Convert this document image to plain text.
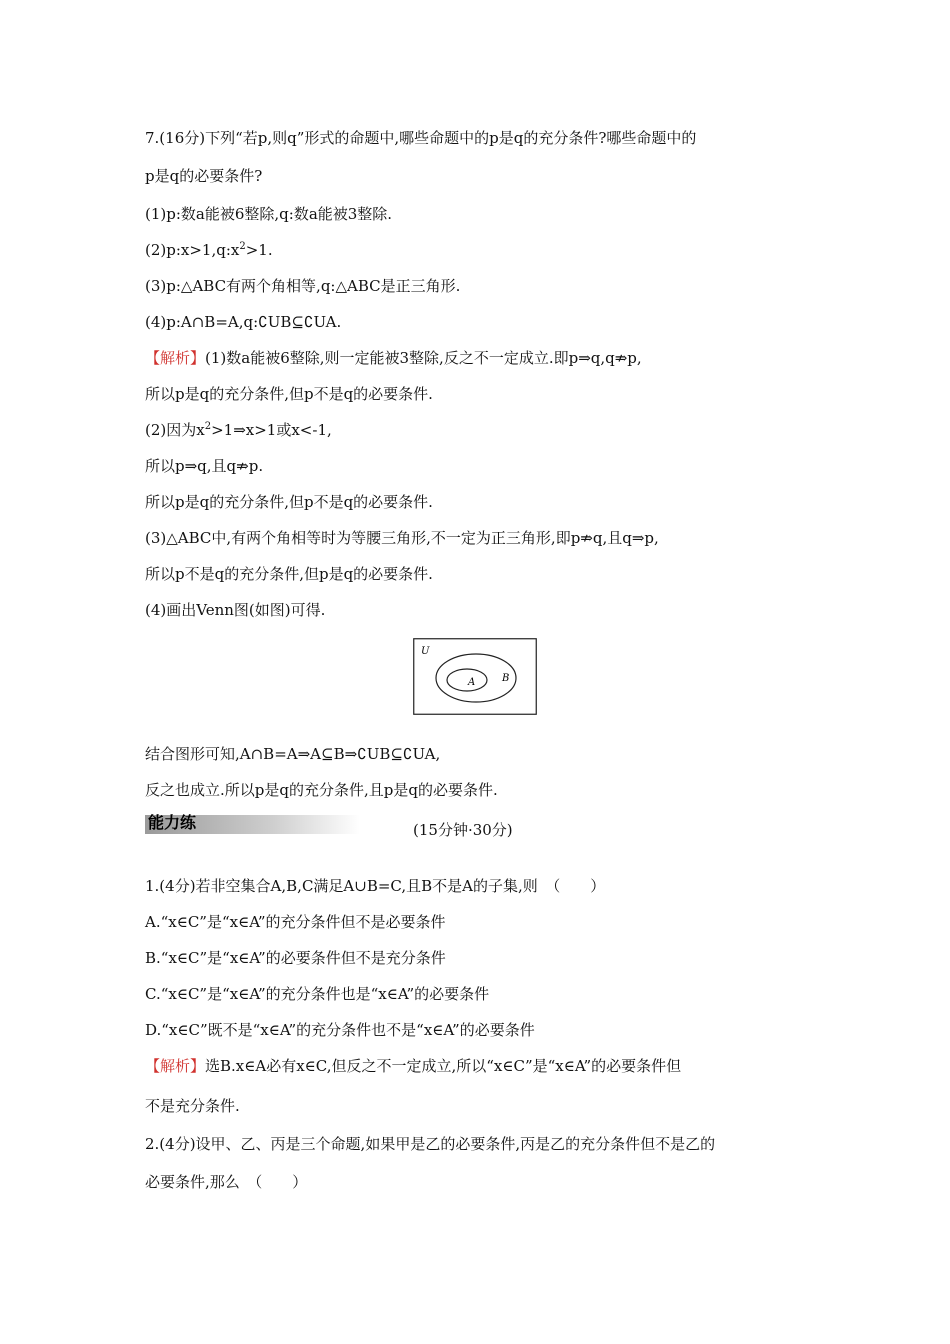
7.(16分)下列“若p,则q”形式的命题中,哪些命题中的p是q的充分条件?哪些命题中的
p是q的必要条件?
(1)p:数a能被6整除,q:数a能被3整除.
$(2)p:x>1,q:x^2>1$.
(3)p:△ABC有两个角相等,q:△ABC是正三角形.
(4)p:A∩B=A,q:∁UB⊆∁UA.
【解析】(1)数a能被6整除,则一定能被3整除,反之不一定成立.即p⇒q,q⇏p,
所以p是q的充分条件,但p不是q的必要条件.
(2)因为$x^2>1\Rightarrow x>1$或x<-1,
所以p⇒q,且q⇏p.
所以p是q的充分条件,但p不是q的必要条件.
(3)△ABC中,有两个角相等时为等腰三角形,不一定为正三角形,即p⇏q,且q⇒p,
所以p不是q的充分条件,但p是q的必要条件.
(4)画出Venn图(如图)可得.
U
A	B
结合图形可知,A∩B=A⇒A⊆B⇒∁UB⊆∁UA,
反之也成立.所以p是q的充分条件,且p是q的必要条件.
能力练	(15分钟·30分)
1.(4分)若非空集合A,B,C满足A∪B=C,且B不是A的子集,则　（　　）
A.“x∈C”是“x∈A”的充分条件但不是必要条件
B.“x∈C”是“x∈A”的必要条件但不是充分条件
C.“x∈C”是“x∈A”的充分条件也是“x∈A”的必要条件
D.“x∈C”既不是“x∈A”的充分条件也不是“x∈A”的必要条件
【解析】选B.x∈A必有x∈C,但反之不一定成立,所以“x∈C”是“x∈A”的必要条件但
不是充分条件.
2.(4分)设甲、乙、丙是三个命题,如果甲是乙的必要条件,丙是乙的充分条件但不是乙的
必要条件,那么　（　　）
